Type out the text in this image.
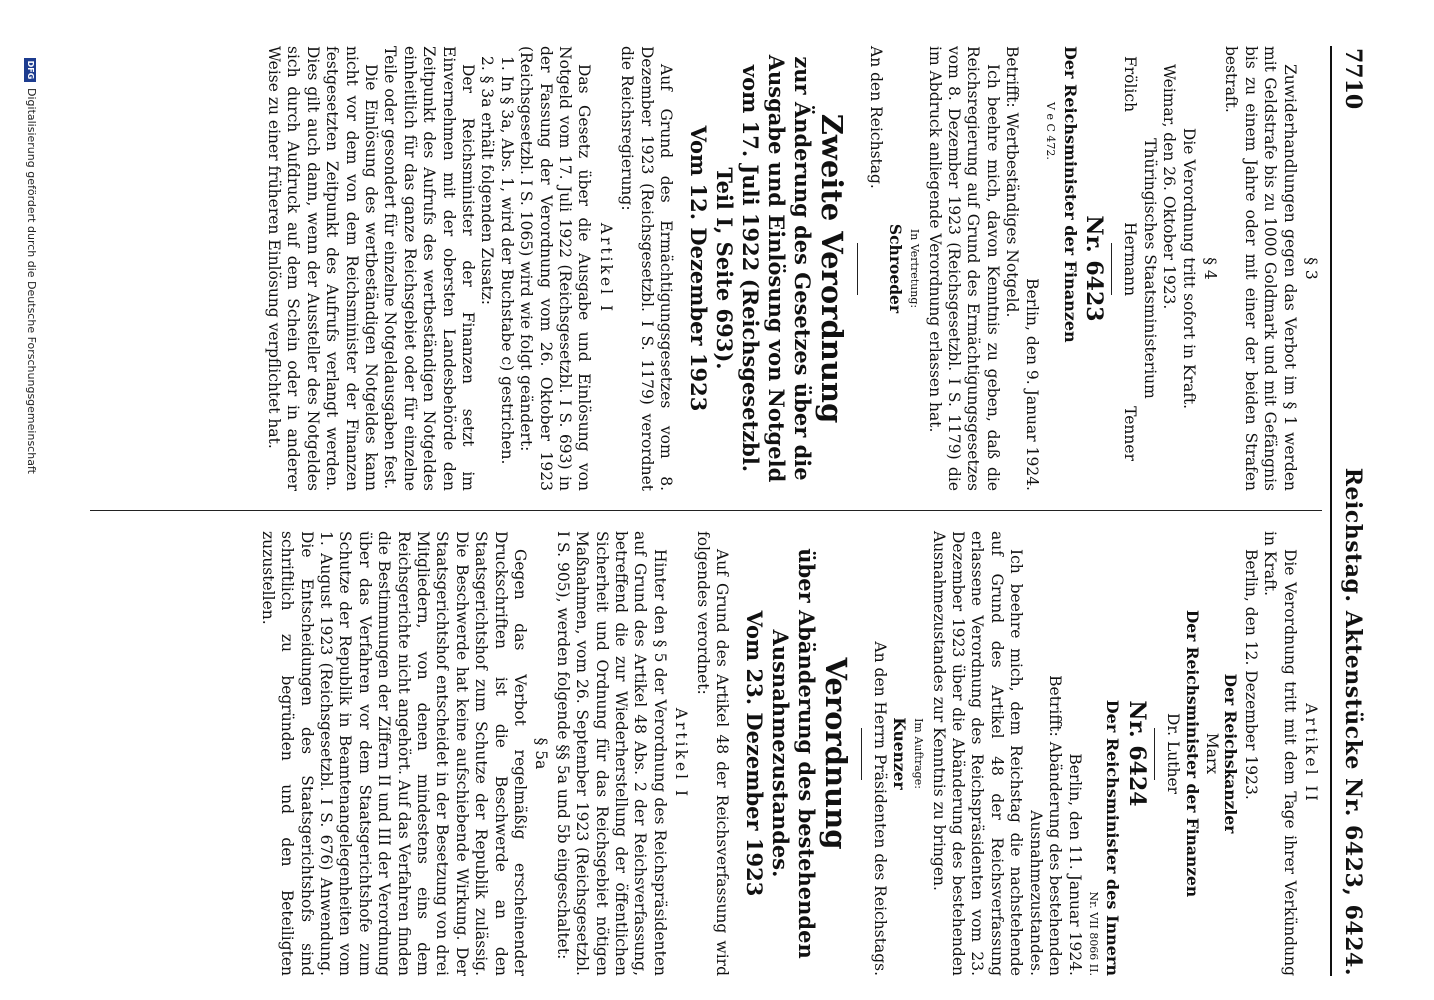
7710
Reichstag. Aktenstücke Nr. 6423, 6424.

§ 3

Zuwiderhandlungen gegen das Verbot im § 1 werden mit Geldstrafe bis zu 1000 Goldmark und mit Gefängnis bis zu einem Jahre oder mit einer der beiden Strafen bestraft.

§ 4

Die Verordnung tritt sofort in Kraft.

Weimar, den 26. Oktober 1923.

Thüringisches Staatsministerium

Frölich
Hermann
Tenner

Nr. 6423

Der Reichsminister der Finanzen

V e C 472.

Berlin, den 9. Januar 1924.

Betrifft: Wertbeständiges Notgeld.

Ich beehre mich, davon Kenntnis zu geben, daß die Reichsregierung auf Grund des Ermächtigungsgesetzes vom 8. Dezember 1923 (Reichsgesetzbl. I S. 1179) die im Abdruck anliegende Verordnung erlassen hat.

In Vertretung:
Schroeder

An den Reichstag.

Zweite Verordnung

zur Änderung des Gesetzes über die Ausgabe und Einlösung von Notgeld vom 17. Juli 1922 (Reichsgesetzbl. Teil I, Seite 693).

Vom 12. Dezember 1923

Auf Grund des Ermächtigungsgesetzes vom 8. Dezember 1923 (Reichsgesetzbl. I S. 1179) verordnet die Reichsregierung:

Artikel I

Das Gesetz über die Ausgabe und Einlösung von Notgeld vom 17. Juli 1922 (Reichsgesetzbl. I S. 693) in der Fassung der Verordnung vom 26. Oktober 1923 (Reichsgesetzbl. I S. 1065) wird wie folgt geändert:

1. In § 3a, Abs. 1, wird der Buchstabe c) gestrichen.

2. § 3a erhält folgenden Zusatz:

Der Reichsminister der Finanzen setzt im Einvernehmen mit der obersten Landesbehörde den Zeitpunkt des Aufrufs des wertbeständigen Notgeldes einheitlich für das ganze Reichsgebiet oder für einzelne Teile oder gesondert für einzelne Notgeldausgaben fest.

Die Einlösung des wertbeständigen Notgeldes kann nicht vor dem von dem Reichsminister der Finanzen festgesetzten Zeitpunkt des Aufrufs verlangt werden. Dies gilt auch dann, wenn der Aussteller des Notgeldes sich durch Aufdruck auf dem Schein oder in anderer Weise zu einer früheren Einlösung verpflichtet hat.

Artikel II

Die Verordnung tritt mit dem Tage ihrer Verkündung in Kraft.

Berlin, den 12. Dezember 1923.

Der Reichskanzler
Marx
Der Reichsminister der Finanzen
Dr. Luther

Nr. 6424

Der Reichsminister des Innern

Nr. VII 8066 II.

Berlin, den 11. Januar 1924.

Betrifft: Abänderung des bestehenden Ausnahmezustandes.

Ich beehre mich, dem Reichstag die nachstehende auf Grund des Artikel 48 der Reichsverfassung erlassene Verordnung des Reichspräsidenten vom 23. Dezember 1923 über die Abänderung des bestehenden Ausnahmezustandes zur Kenntnis zu bringen.

Im Auftrage:
Kuenzer

An den Herrn Präsidenten des Reichstags.

Verordnung

über Abänderung des bestehenden Ausnahmezustandes.

Vom 23. Dezember 1923

Auf Grund des Artikel 48 der Reichsverfassung wird folgendes verordnet:

Artikel I

Hinter den § 5 der Verordnung des Reichspräsidenten auf Grund des Artikel 48 Abs. 2 der Reichsverfassung, betreffend die zur Wiederherstellung der öffentlichen Sicherheit und Ordnung für das Reichsgebiet nötigen Maßnahmen, vom 26. September 1923 (Reichsgesetzbl. I S. 905), werden folgende §§ 5a und 5b eingeschaltet:

§ 5a

Gegen das Verbot regelmäßig erscheinender Druckschriften ist die Beschwerde an den Staatsgerichtshof zum Schutze der Republik zulässig. Die Beschwerde hat keine aufschiebende Wirkung. Der Staatsgerichtshof entscheidet in der Besetzung von drei Mitgliedern, von denen mindestens eins dem Reichsgerichte nicht angehört. Auf das Verfahren finden die Bestimmungen der Ziffern II und III der Verordnung über das Verfahren vor dem Staatsgerichtshofe zum Schutze der Republik in Beamtenangelegenheiten vom 1. August 1923 (Reichsgesetzbl. I S. 676) Anwendung. Die Entscheidungen des Staatsgerichtshofs sind schriftlich zu begründen und den Beteiligten zuzustellen.

DFG
Digitalisierung gefördert durch die Deutsche Forschungsgemeinschaft
